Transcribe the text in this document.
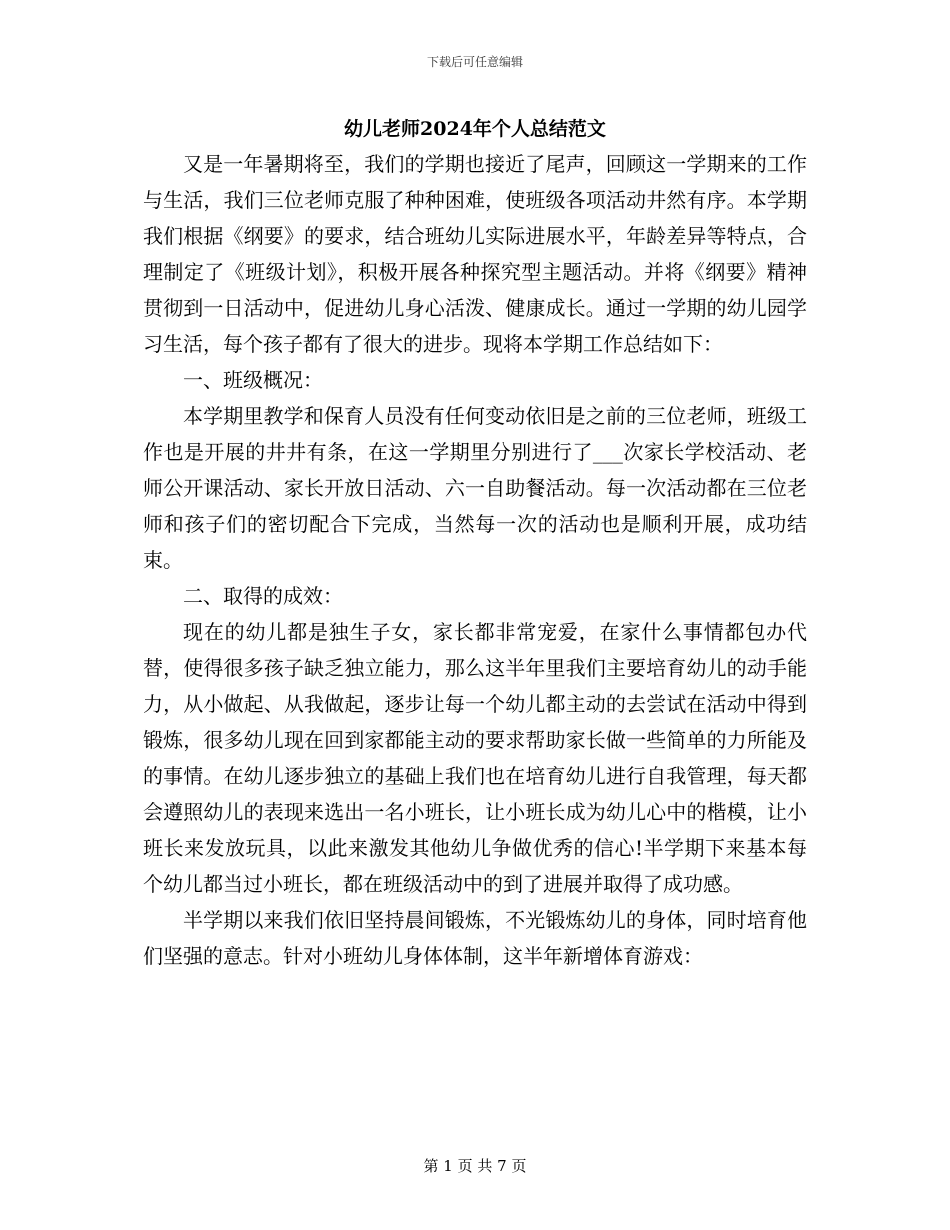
下载后可任意编辑
幼儿老师2024年个人总结范文

又是一年暑期将至，我们的学期也接近了尾声，回顾这一学期来的工作与生活，我们三位老师克服了种种困难，使班级各项活动井然有序。本学期我们根据《纲要》的要求，结合班幼儿实际进展水平，年龄差异等特点，合理制定了《班级计划》，积极开展各种探究型主题活动。并将《纲要》精神贯彻到一日活动中，促进幼儿身心活泼、健康成长。通过一学期的幼儿园学习生活，每个孩子都有了很大的进步。现将本学期工作总结如下：

一、班级概况：

本学期里教学和保育人员没有任何变动依旧是之前的三位老师，班级工作也是开展的井井有条，在这一学期里分别进行了___次家长学校活动、老师公开课活动、家长开放日活动、六一自助餐活动。每一次活动都在三位老师和孩子们的密切配合下完成，当然每一次的活动也是顺利开展，成功结束。

二、取得的成效：

现在的幼儿都是独生子女，家长都非常宠爱，在家什么事情都包办代替，使得很多孩子缺乏独立能力，那么这半年里我们主要培育幼儿的动手能力，从小做起、从我做起，逐步让每一个幼儿都主动的去尝试在活动中得到锻炼，很多幼儿现在回到家都能主动的要求帮助家长做一些简单的力所能及的事情。在幼儿逐步独立的基础上我们也在培育幼儿进行自我管理，每天都会遵照幼儿的表现来选出一名小班长，让小班长成为幼儿心中的楷模，让小班长来发放玩具，以此来激发其他幼儿争做优秀的信心!半学期下来基本每个幼儿都当过小班长，都在班级活动中的到了进展并取得了成功感。

半学期以来我们依旧坚持晨间锻炼，不光锻炼幼儿的身体，同时培育他们坚强的意志。针对小班幼儿身体体制，这半年新增体育游戏：

第 1 页 共 7 页
